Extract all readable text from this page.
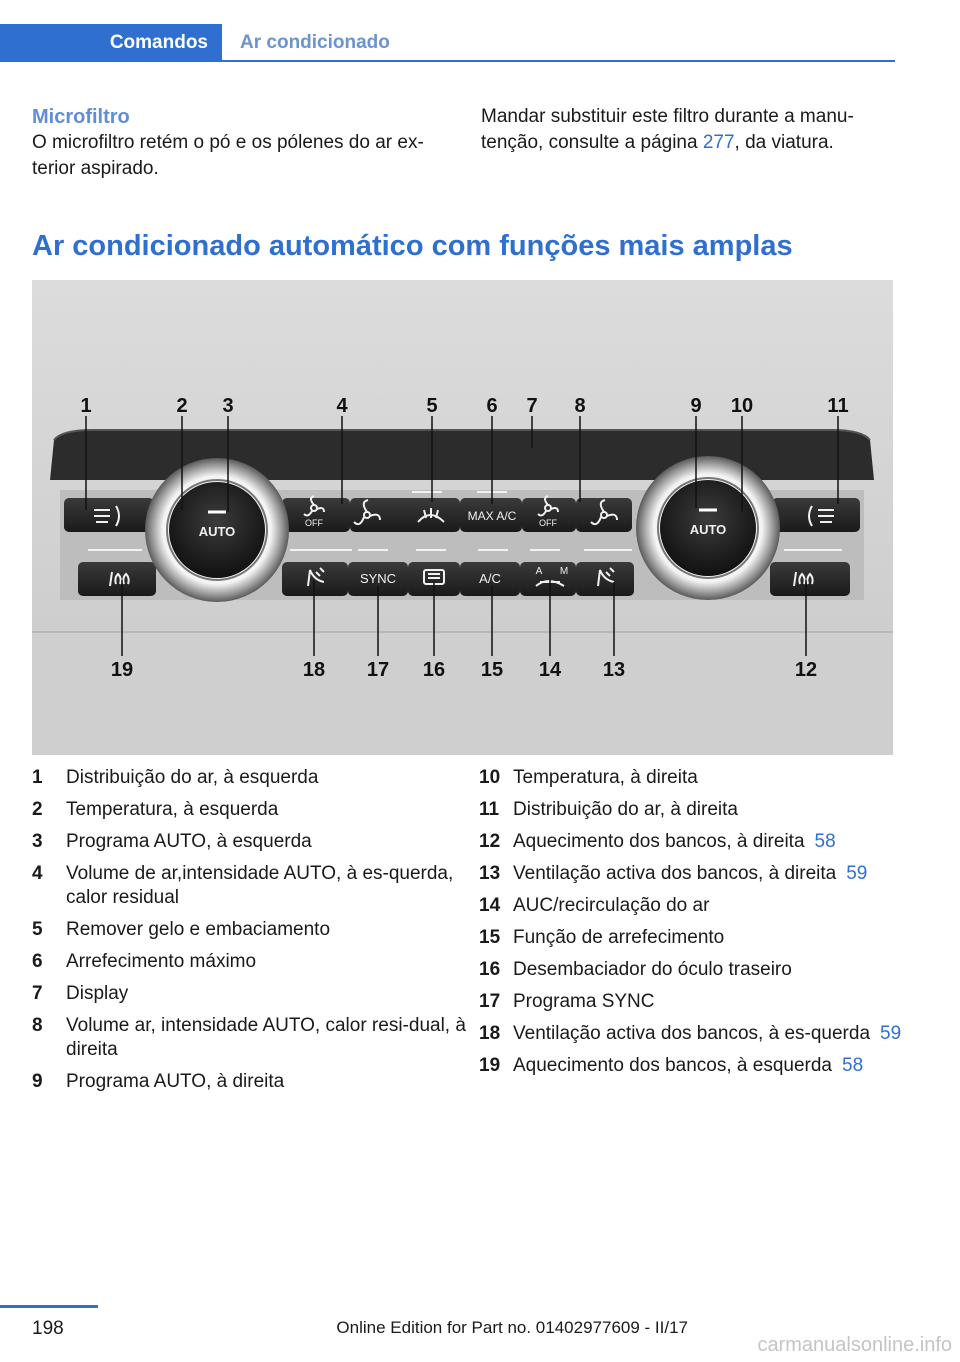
Comandos	Ar condicionado
Microfiltro
O microfiltro retém o pó e os pólenes do ar ex-terior aspirado.
Mandar substituir este filtro durante a manu-tenção, consulte a página 277, da viatura.
Ar condicionado automático com funções mais amplas
AUTO	AUTO
MAX A/C
OFF	OFF
SYNC	A/C	A M
1	2 3	4	5 6 7 8	9 10	11
19	18 17 16 15 14 13	12
1	Distribuição do ar, à esquerda
2	Temperatura, à esquerda
3	Programa AUTO, à esquerda
4	Volume de ar,intensidade AUTO, à es-querda, calor residual
5	Remover gelo e embaciamento
6	Arrefecimento máximo
7	Display
8	Volume ar, intensidade AUTO, calor resi-dual, à direita
9	Programa AUTO, à direita
10 Temperatura, à direita
11 Distribuição do ar, à direita
12 Aquecimento dos bancos, à direita 58
13 Ventilação activa dos bancos, à direita 59
14 AUC/recirculação do ar
15 Função de arrefecimento
16 Desembaciador do óculo traseiro
17 Programa SYNC
18 Ventilação activa dos bancos, à es-querda 59
19 Aquecimento dos bancos, à esquerda 58
198	Online Edition for Part no. 01402977609 - II/17
carmanualsonline.info
